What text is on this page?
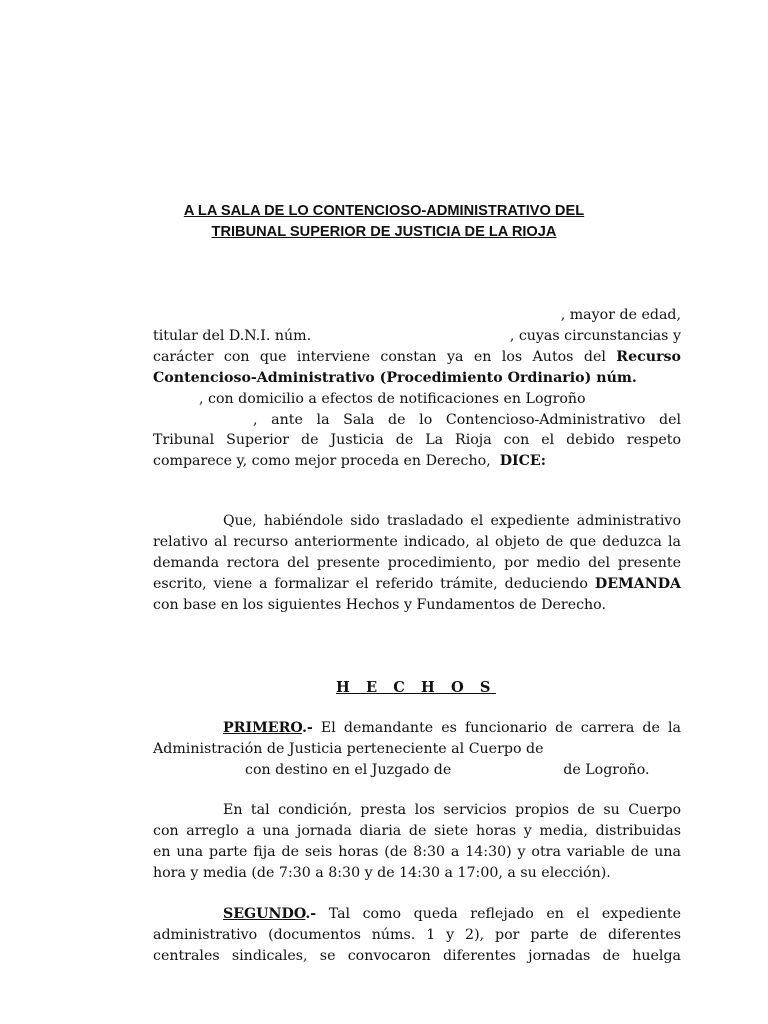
A LA SALA DE LO CONTENCIOSO-ADMINISTRATIVO DEL

TRIBUNAL SUPERIOR DE JUSTICIA DE LA RIOJA

, mayor de edad,
titular del D.N.I. núm.	, cuyas circunstancias y
carácter con que interviene constan ya en los Autos del Recurso
Contencioso-Administrativo (Procedimiento Ordinario) núm.
, con domicilio a efectos de notificaciones en Logroño
, ante la Sala de lo Contencioso-Administrativo del
Tribunal Superior de Justicia de La Rioja con el debido respeto
comparece y, como mejor proceda en Derecho, DICE:
Que, habiéndole sido trasladado el expediente administrativo
relativo al recurso anteriormente indicado, al objeto de que deduzca la
demanda rectora del presente procedimiento, por medio del presente
escrito, viene a formalizar el referido trámite, deduciendo DEMANDA
con base en los siguientes Hechos y Fundamentos de Derecho.

H E C H O S

PRIMERO.- El demandante es funcionario de carrera de la
Administración de Justicia perteneciente al Cuerpo de
con destino en el Juzgado de	de Logroño.
En tal condición, presta los servicios propios de su Cuerpo
con arreglo a una jornada diaria de siete horas y media, distribuidas
en una parte fija de seis horas (de 8:30 a 14:30) y otra variable de una
hora y media (de 7:30 a 8:30 y de 14:30 a 17:00, a su elección).
SEGUNDO.- Tal como queda reflejado en el expediente
administrativo (documentos núms. 1 y 2), por parte de diferentes
centrales sindicales, se convocaron diferentes jornadas de huelga
